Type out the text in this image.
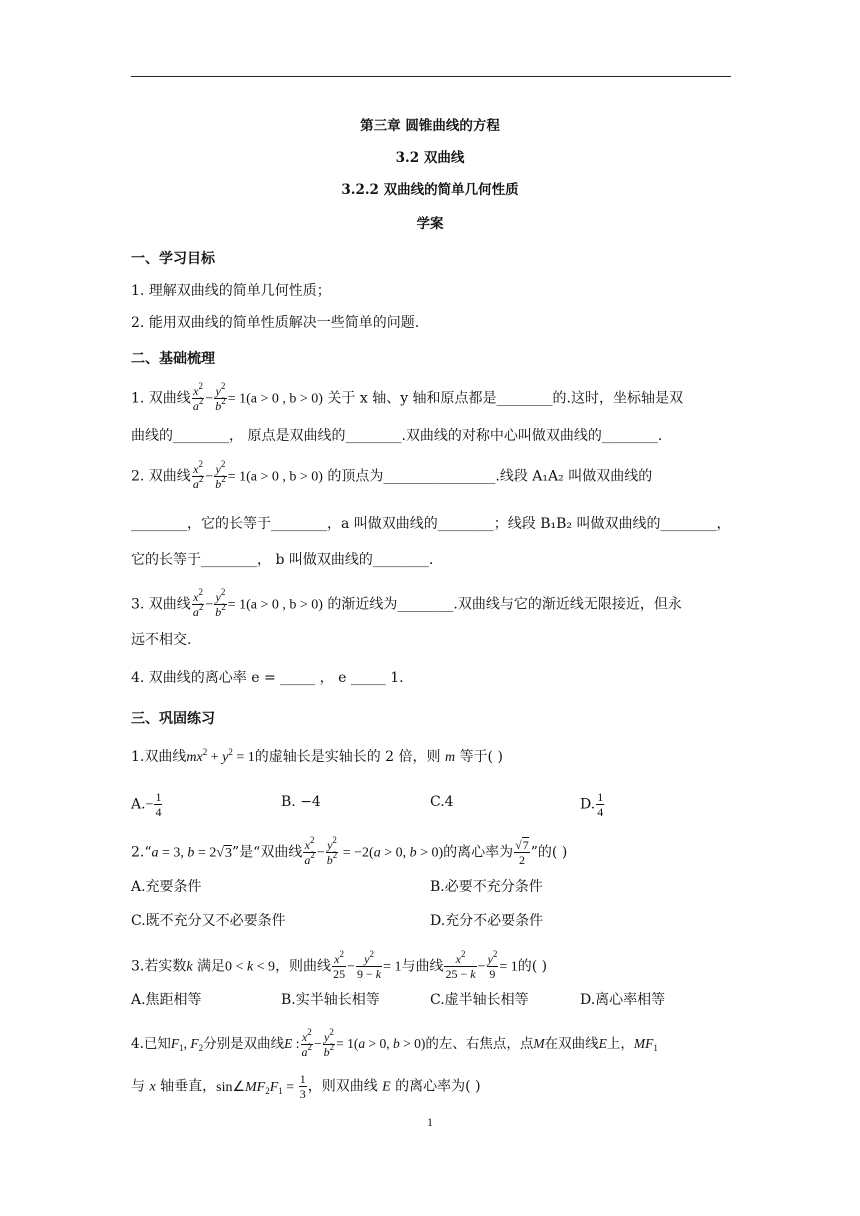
第三章 圆锥曲线的方程
3.2 双曲线
3.2.2 双曲线的简单几何性质
学案
一、学习目标
1. 理解双曲线的简单几何性质；
2. 能用双曲线的简单性质解决一些简单的问题.
二、基础梳理
1. 双曲线 $\frac{x^2}{a^2} - \frac{y^2}{b^2} = 1(a > 0$ , b > 0) 关于 x 轴、y 轴和原点都是________的.这时，坐标轴是双
曲线的________， 原点是双曲线的________.双曲线的对称中心叫做双曲线的________.
2. 双曲线 $\frac{x^2}{a^2} - \frac{y^2}{b^2} = 1(a > 0$ , b > 0) 的顶点为________________.线段 A₁A₂ 叫做双曲线的
________，它的长等于________，a 叫做双曲线的________；线段 B₁B₂ 叫做双曲线的________，
它的长等于________， b 叫做双曲线的________.
3. 双曲线 $\frac{x^2}{a^2} - \frac{y^2}{b^2} = 1(a > 0$ , b > 0) 的渐近线为________.双曲线与它的渐近线无限接近，但永
远不相交.
4. 双曲线的离心率 e = _____ ， e _____ 1.
三、巩固练习
1.双曲线$mx^2 + y^2 = 1$的虚轴长是实轴长的 2 倍，则 m 等于( )
$A.- \frac{1}{4}$	B. −4	C.4	D. $\frac{1}{4}$
2.“a = 3, b = 2√3”是“双曲线 $\frac{x^2}{a^2} - \frac{y^2}{b^2} = -2(a > 0$, b > 0)的离心率为 $\frac{√7}{2}$ ”的( )
A.充要条件	B.必要不充分条件
C.既不充分又不必要条件	D.充分不必要条件
3.若实数k 满足0 < k < 9，则曲线 $\frac{x^2}{25} - \frac{y^2}{9 - k} = 1$与曲线 $\frac{x^2}{25 - k} - \frac{y^2}{9} = 1$的( )
A.焦距相等	B.实半轴长相等	C.虚半轴长相等	D.离心率相等
4.已知$F_1$, $F_2$分别是双曲线E : $\frac{x^2}{a^2} - \frac{y^2}{b^2} = 1(a > 0$, b > 0)的左、右焦点，点M在双曲线E上，$MF_1$
与 x 轴垂直，$\sin\angle MF_2F_1 = \frac{1}{3}$ ，则双曲线 E 的离心率为( )
1
